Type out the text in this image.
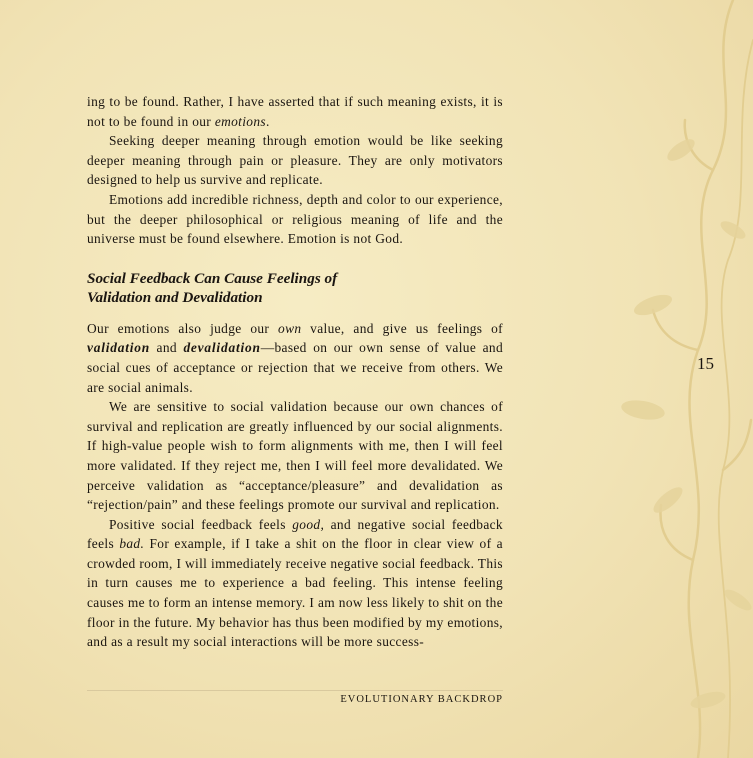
ing to be found. Rather, I have asserted that if such meaning exists, it is not to be found in our emotions.

Seeking deeper meaning through emotion would be like seeking deeper meaning through pain or pleasure. They are only motivators designed to help us survive and replicate.

Emotions add incredible richness, depth and color to our experience, but the deeper philosophical or religious meaning of life and the universe must be found elsewhere. Emotion is not God.

Social Feedback Can Cause Feelings of
Validation and Devalidation

Our emotions also judge our own value, and give us feelings of validation and devalidation—based on our own sense of value and social cues of acceptance or rejection that we receive from others. We are social animals.

We are sensitive to social validation because our own chances of survival and replication are greatly influenced by our social alignments. If high-value people wish to form alignments with me, then I will feel more validated. If they reject me, then I will feel more devalidated. We perceive validation as “acceptance/pleasure” and devalidation as “rejection/pain” and these feelings promote our survival and replication.

Positive social feedback feels good, and negative social feedback feels bad. For example, if I take a shit on the floor in clear view of a crowded room, I will immediately receive negative social feedback. This in turn causes me to experience a bad feeling. This intense feeling causes me to form an intense memory. I am now less likely to shit on the floor in the future. My behavior has thus been modified by my emotions, and as a result my social interactions will be more success-

15
EVOLUTIONARY BACKDROP
